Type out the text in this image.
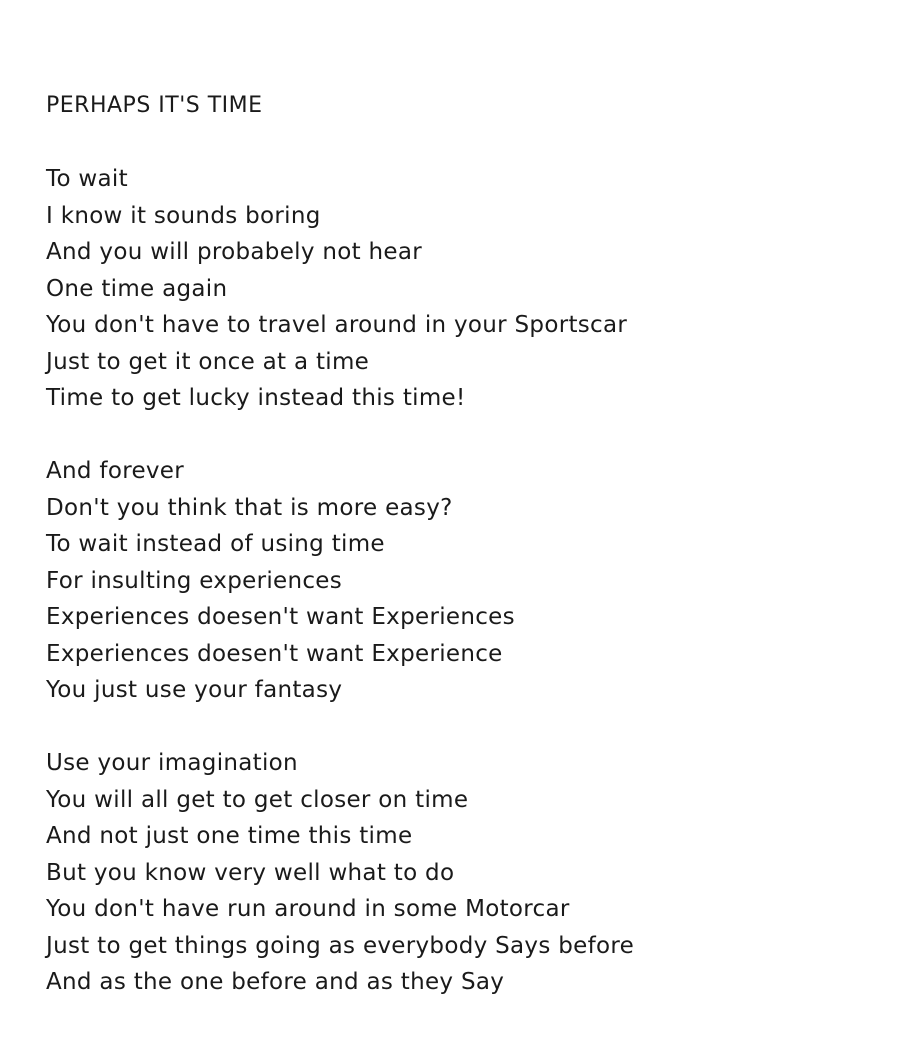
PERHAPS IT'S TIME
To wait
I know it sounds boring
And you will probabely not hear
One time again
You don't have to travel around in your Sportscar
Just to get it once at a time
Time to get lucky instead this time!
And forever
Don't you think that is more easy?
To wait instead of using time
For insulting experiences
Experiences doesen't want Experiences
Experiences doesen't want Experience
You just use your fantasy
Use your imagination
You will all get to get closer on time
And not just one time this time
But you know very well what to do
You don't have run around in some Motorcar
Just to get things going as everybody Says before
And as the one before and as they Say
